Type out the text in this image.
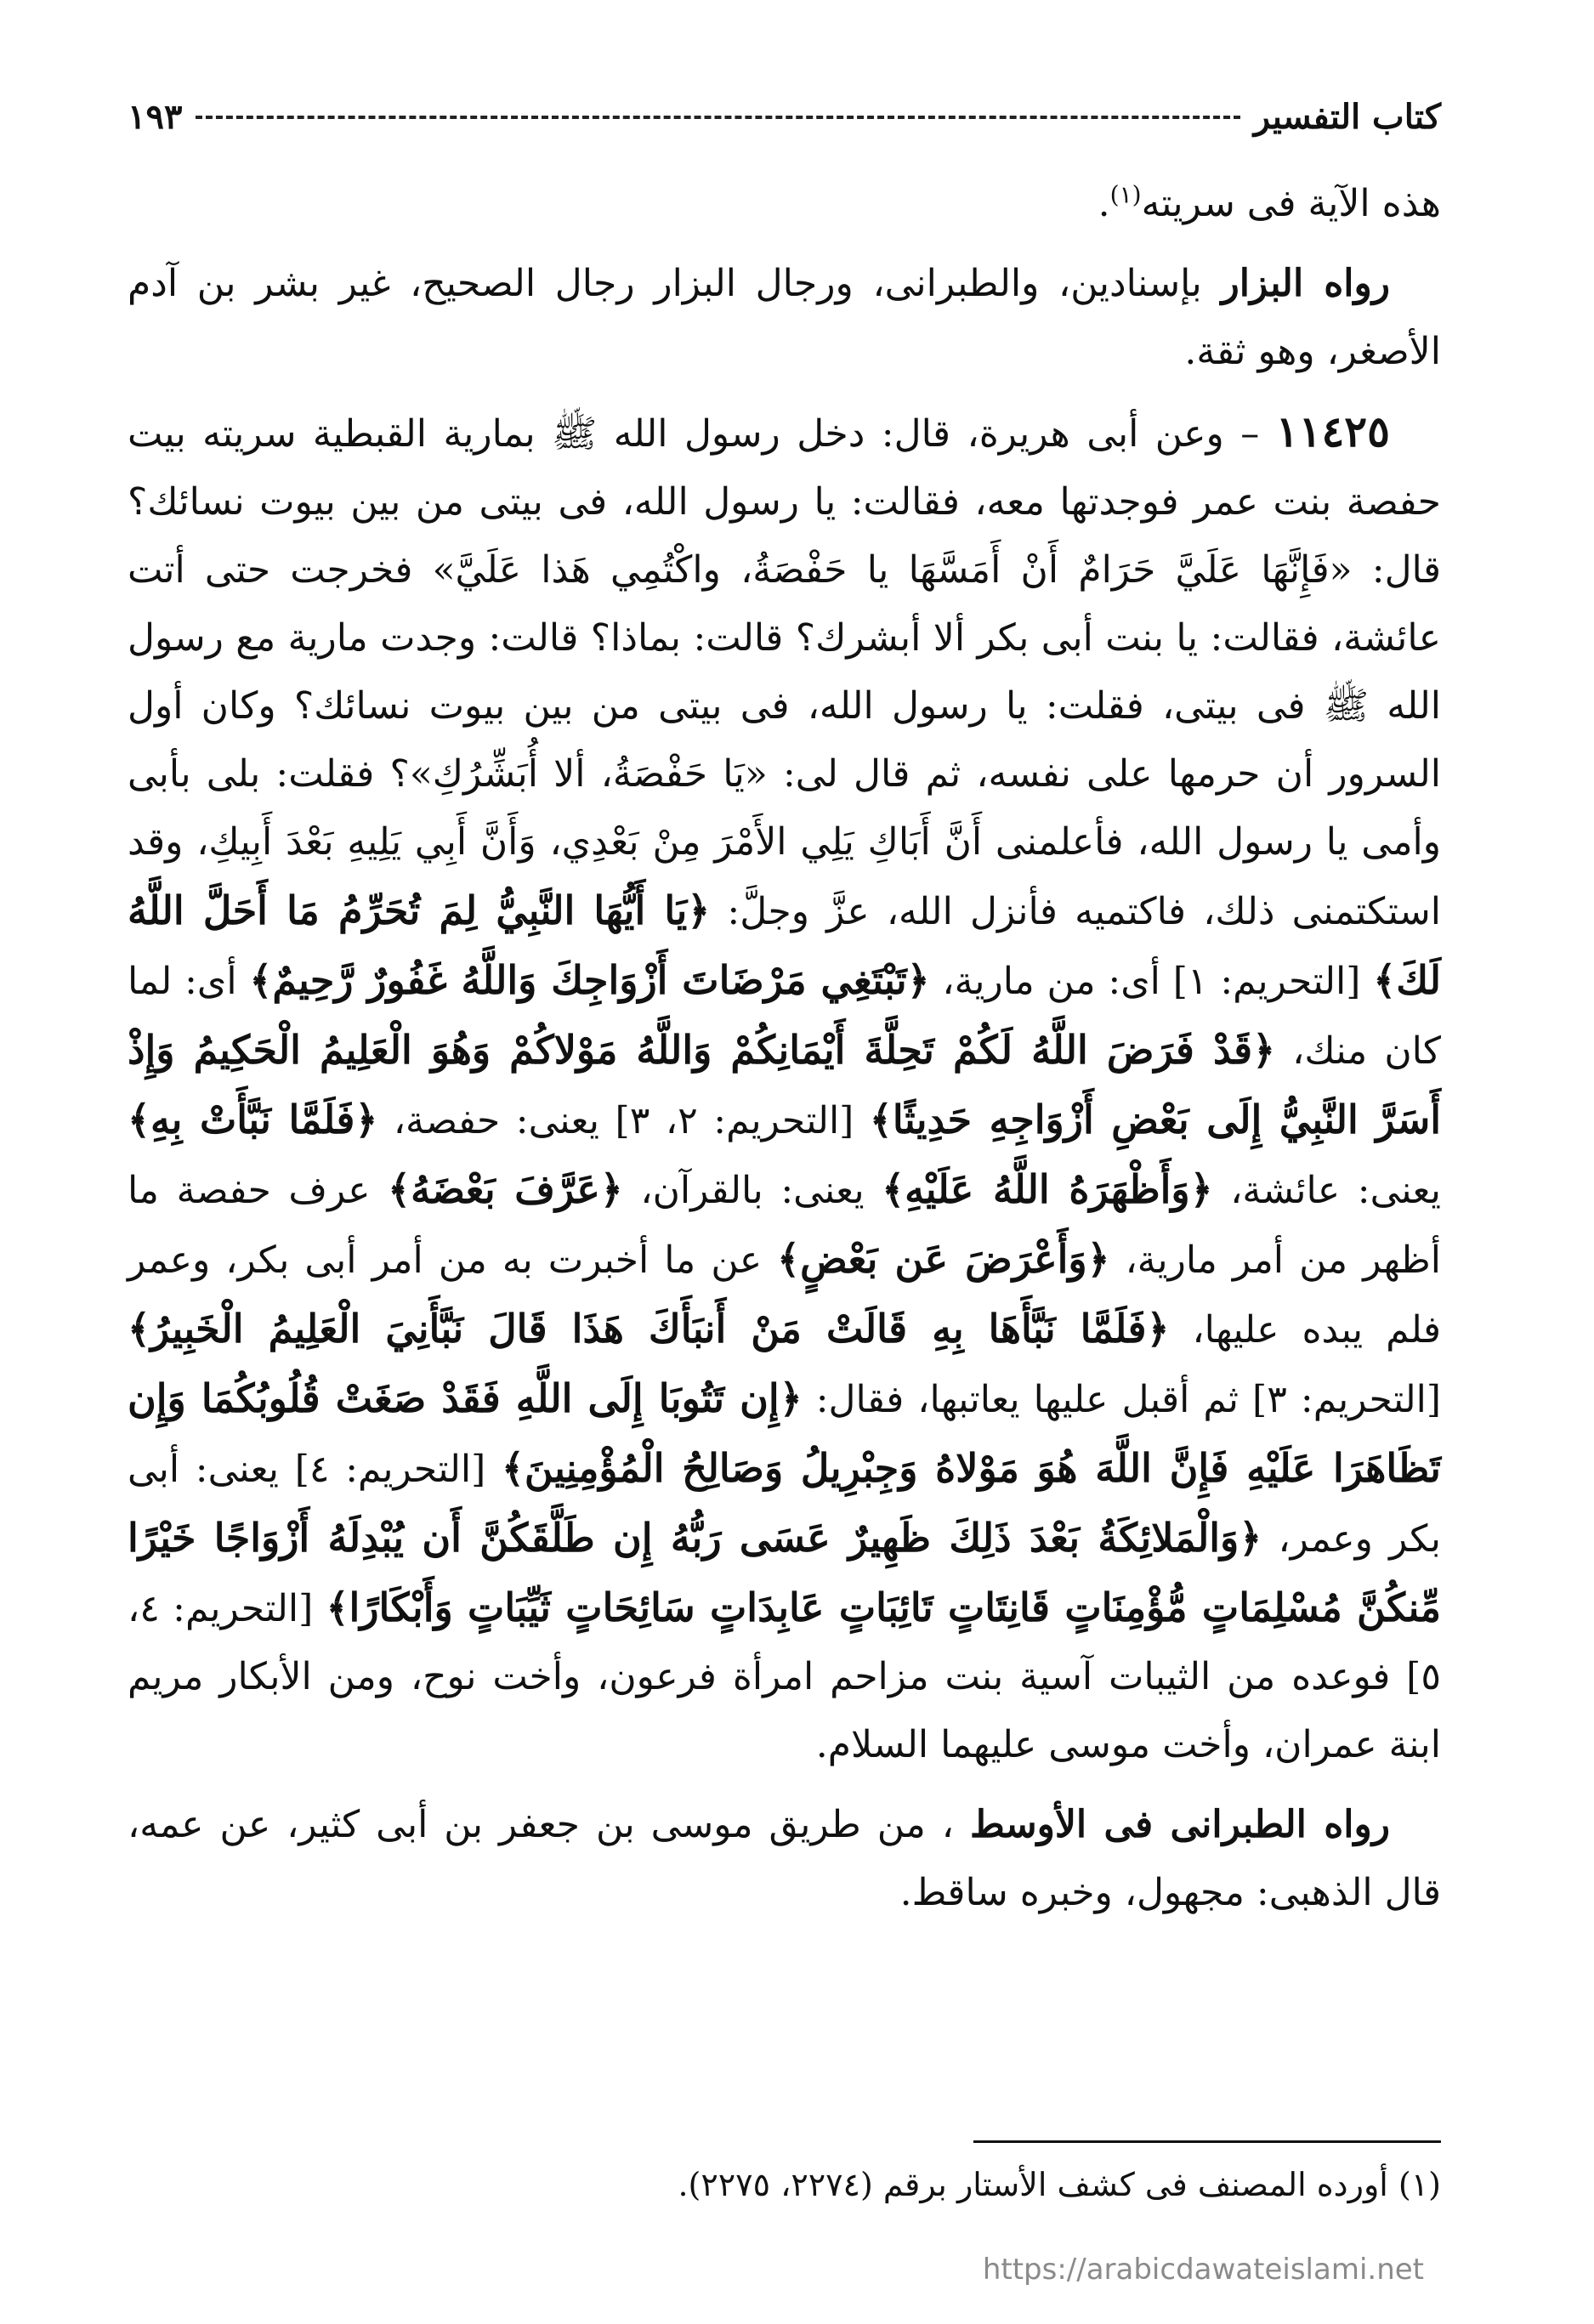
كتاب التفسير
١٩٣

هذه الآية فى سريته$^{(١)}$.

رواه البزار بإسنادين، والطبرانى، ورجال البزار رجال الصحيح، غير بشر بن آدم الأصغر، وهو ثقة.

١١٤٢٥ – وعن أبى هريرة، قال: دخل رسول الله ﷺ بمارية القبطية سريته بيت حفصة بنت عمر فوجدتها معه، فقالت: يا رسول الله، فى بيتى من بين بيوت نسائك؟ قال: «فَإِنَّهَا عَلَيَّ حَرَامٌ أَنْ أَمَسَّهَا يا حَفْصَةُ، واكْتُمِي هَذا عَلَيَّ» فخرجت حتى أتت عائشة، فقالت: يا بنت أبى بكر ألا أبشرك؟ قالت: بماذا؟ قالت: وجدت مارية مع رسول الله ﷺ فى بيتى، فقلت: يا رسول الله، فى بيتى من بين بيوت نسائك؟ وكان أول السرور أن حرمها على نفسه، ثم قال لى: «يَا حَفْصَةُ، ألا أُبَشِّرُكِ»؟ فقلت: بلى بأبى وأمى يا رسول الله، فأعلمنى أَنَّ أَبَاكِ يَلِي الأَمْرَ مِنْ بَعْدِي، وَأَنَّ أَبِي يَلِيهِ بَعْدَ أَبِيكِ، وقد استكتمنى ذلك، فاكتميه فأنزل الله، عزَّ وجلَّ: ﴿يَا أَيُّهَا النَّبِيُّ لِمَ تُحَرِّمُ مَا أَحَلَّ اللَّهُ لَكَ﴾ [التحريم: ١] أى: من مارية، ﴿تَبْتَغِي مَرْضَاتَ أَزْوَاجِكَ وَاللَّهُ غَفُورٌ رَّحِيمٌ﴾ أى: لما كان منك، ﴿قَدْ فَرَضَ اللَّهُ لَكُمْ تَحِلَّةَ أَيْمَانِكُمْ وَاللَّهُ مَوْلاكُمْ وَهُوَ الْعَلِيمُ الْحَكِيمُ وَإِذْ أَسَرَّ النَّبِيُّ إِلَى بَعْضِ أَزْوَاجِهِ حَدِيثًا﴾ [التحريم: ٢، ٣] يعنى: حفصة، ﴿فَلَمَّا نَبَّأَتْ بِهِ﴾ يعنى: عائشة، ﴿وَأَظْهَرَهُ اللَّهُ عَلَيْهِ﴾ يعنى: بالقرآن، ﴿عَرَّفَ بَعْضَهُ﴾ عرف حفصة ما أظهر من أمر مارية، ﴿وَأَعْرَضَ عَن بَعْضٍ﴾ عن ما أخبرت به من أمر أبى بكر، وعمر فلم يبده عليها، ﴿فَلَمَّا نَبَّأَهَا بِهِ قَالَتْ مَنْ أَنبَأَكَ هَذَا قَالَ نَبَّأَنِيَ الْعَلِيمُ الْخَبِيرُ﴾ [التحريم: ٣] ثم أقبل عليها يعاتبها، فقال: ﴿إِن تَتُوبَا إِلَى اللَّهِ فَقَدْ صَغَتْ قُلُوبُكُمَا وَإِن تَظَاهَرَا عَلَيْهِ فَإِنَّ اللَّهَ هُوَ مَوْلاهُ وَجِبْرِيلُ وَصَالِحُ الْمُؤْمِنِينَ﴾ [التحريم: ٤] يعنى: أبى بكر وعمر، ﴿وَالْمَلائِكَةُ بَعْدَ ذَلِكَ ظَهِيرٌ عَسَى رَبُّهُ إِن طَلَّقَكُنَّ أَن يُبْدِلَهُ أَزْوَاجًا خَيْرًا مِّنكُنَّ مُسْلِمَاتٍ مُّؤْمِنَاتٍ قَانِتَاتٍ تَائِبَاتٍ عَابِدَاتٍ سَائِحَاتٍ ثَيِّبَاتٍ وَأَبْكَارًا﴾ [التحريم: ٤، ٥] فوعده من الثيبات آسية بنت مزاحم امرأة فرعون، وأخت نوح، ومن الأبكار مريم ابنة عمران، وأخت موسى عليهما السلام.

رواه الطبرانى فى الأوسط ، من طريق موسى بن جعفر بن أبى كثير، عن عمه، قال الذهبى: مجهول، وخبره ساقط.

(١) أورده المصنف فى كشف الأستار برقم (٢٢٧٤، ٢٢٧٥).
https://arabicdawateislami.net
